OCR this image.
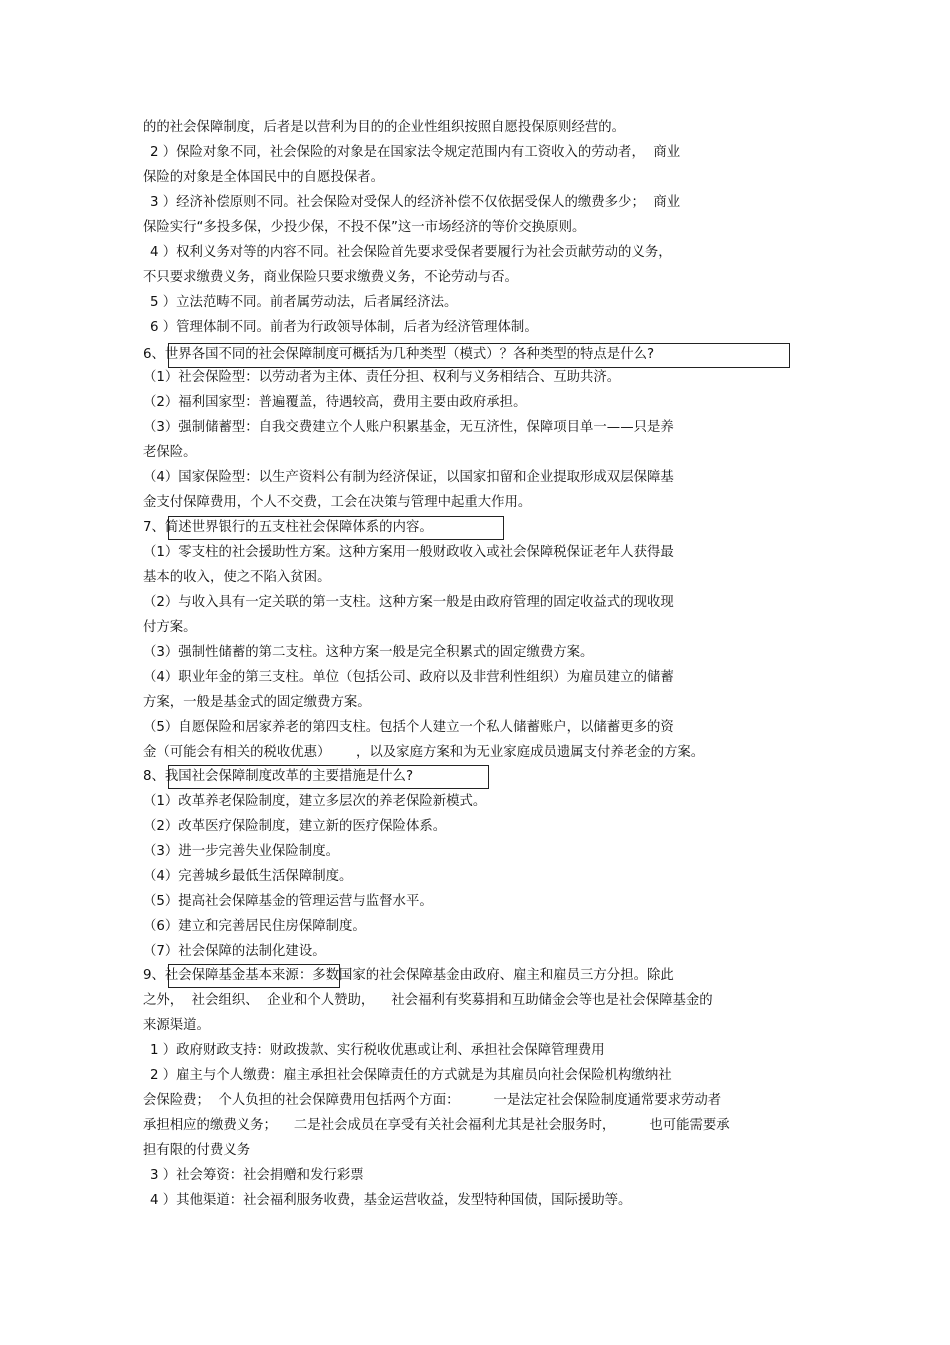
的的社会保障制度，后者是以营利为目的的企业性组织按照自愿投保原则经营的。
2 ）保险对象不同，社会保险的对象是在国家法令规定范围内有工资收入的劳动者，  商业
保险的对象是全体国民中的自愿投保者。
3 ）经济补偿原则不同。社会保险对受保人的经济补偿不仅依据受保人的缴费多少；  商业
保险实行“多投多保，少投少保，不投不保”这一市场经济的等价交换原则。
4 ）权利义务对等的内容不同。社会保险首先要求受保者要履行为社会贡献劳动的义务，
不只要求缴费义务，商业保险只要求缴费义务，不论劳动与否。
5 ）立法范畴不同。前者属劳动法，后者属经济法。
6 ）管理体制不同。前者为行政领导体制，后者为经济管理体制。
6、世界各国不同的社会保障制度可概括为几种类型（模式）？各种类型的特点是什么?
（1）社会保险型：以劳动者为主体、责任分担、权利与义务相结合、互助共济。
（2）福利国家型：普遍覆盖，待遇较高，费用主要由政府承担。
（3）强制储蓄型：自我交费建立个人账户积累基金，无互济性，保障项目单一——只是养
老保险。
（4）国家保险型：以生产资料公有制为经济保证，以国家扣留和企业提取形成双层保障基
金支付保障费用，个人不交费，工会在决策与管理中起重大作用。
7、简述世界银行的五支柱社会保障体系的内容。
（1）零支柱的社会援助性方案。这种方案用一般财政收入或社会保障税保证老年人获得最
基本的收入，使之不陷入贫困。
（2）与收入具有一定关联的第一支柱。这种方案一般是由政府管理的固定收益式的现收现
付方案。
（3）强制性储蓄的第二支柱。这种方案一般是完全积累式的固定缴费方案。
（4）职业年金的第三支柱。单位（包括公司、政府以及非营利性组织）为雇员建立的储蓄
方案，一般是基金式的固定缴费方案。
（5）自愿保险和居家养老的第四支柱。包括个人建立一个私人储蓄账户，以储蓄更多的资
金（可能会有相关的税收优惠）      ，以及家庭方案和为无业家庭成员遗属支付养老金的方案。
8、我国社会保障制度改革的主要措施是什么?
（1）改革养老保险制度，建立多层次的养老保险新模式。
（2）改革医疗保险制度，建立新的医疗保险体系。
（3）进一步完善失业保险制度。
（4）完善城乡最低生活保障制度。
（5）提高社会保障基金的管理运营与监督水平。
（6）建立和完善居民住房保障制度。
（7）社会保障的法制化建设。
9、社会保障基金基本来源：多数国家的社会保障基金由政府、雇主和雇员三方分担。除此
之外，  社会组织、  企业和个人赞助，    社会福利有奖募捐和互助储金会等也是社会保障基金的
来源渠道。
1 ）政府财政支持：财政拨款、实行税收优惠或让利、承担社会保障管理费用
2 ）雇主与个人缴费：雇主承担社会保障责任的方式就是为其雇员向社会保险机构缴纳社
会保险费；  个人负担的社会保障费用包括两个方面：        一是法定社会保险制度通常要求劳动者
承担相应的缴费义务；    二是社会成员在享受有关社会福利尤其是社会服务时，        也可能需要承
担有限的付费义务
3 ）社会筹资：社会捐赠和发行彩票
4 ）其他渠道：社会福利服务收费，基金运营收益，发型特种国债，国际援助等。
